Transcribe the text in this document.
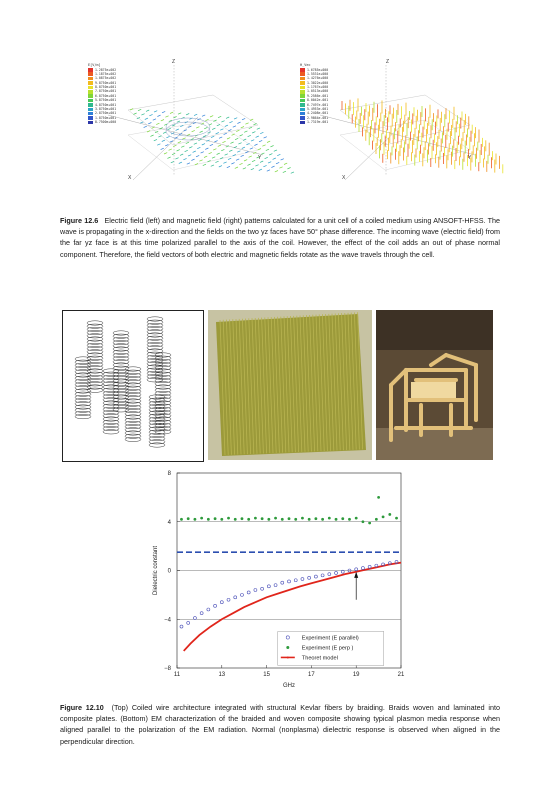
E[V/m]
1.2875e+002
1.1875e+002
1.0875e+002
9.8750e+001
8.8750e+001
7.8750e+001
6.8750e+001
5.8750e+001
4.8750e+001
3.8750e+001
2.8750e+001
1.8750e+001
8.7500e+000
Z
Y
X
H_Vec
1.6785e+000
1.5531e+000
1.4276e+000
1.3022e+000
1.1767e+000
1.0513e+000
9.2586e-001
8.0042e-001
6.7497e-001
5.4953e-001
4.2408e-001
2.9864e-001
1.7319e-001
Z
Y
X
Figure 12.6 Electric field (left) and magnetic field (right) patterns calculated for a unit cell of a coiled medium using ANSOFT-HFSS. The wave is propagating in the x-direction and the fields on the two yz faces have 50° phase difference. The incoming wave (electric field) from the far yz face is at this time polarized parallel to the axis of the coil. However, the effect of the coil adds an out of phase normal component. Therefore, the field vectors of both electric and magnetic fields rotate as the wave travels through the cell.
−8
−4
0
4
8
11	13	15	17	19	21
GHz
Dielectric constant
Experiment (E parallel)
Experiment (E perp )
Theoret model
Figure 12.10 (Top) Coiled wire architecture integrated with structural Kevlar fibers by braiding. Braids woven and laminated into composite plates. (Bottom) EM characterization of the braided and woven composite showing typical plasmon media response when aligned parallel to the polarization of the EM radiation. Normal (nonplasma) dielectric response is observed when aligned in the perpendicular direction.
